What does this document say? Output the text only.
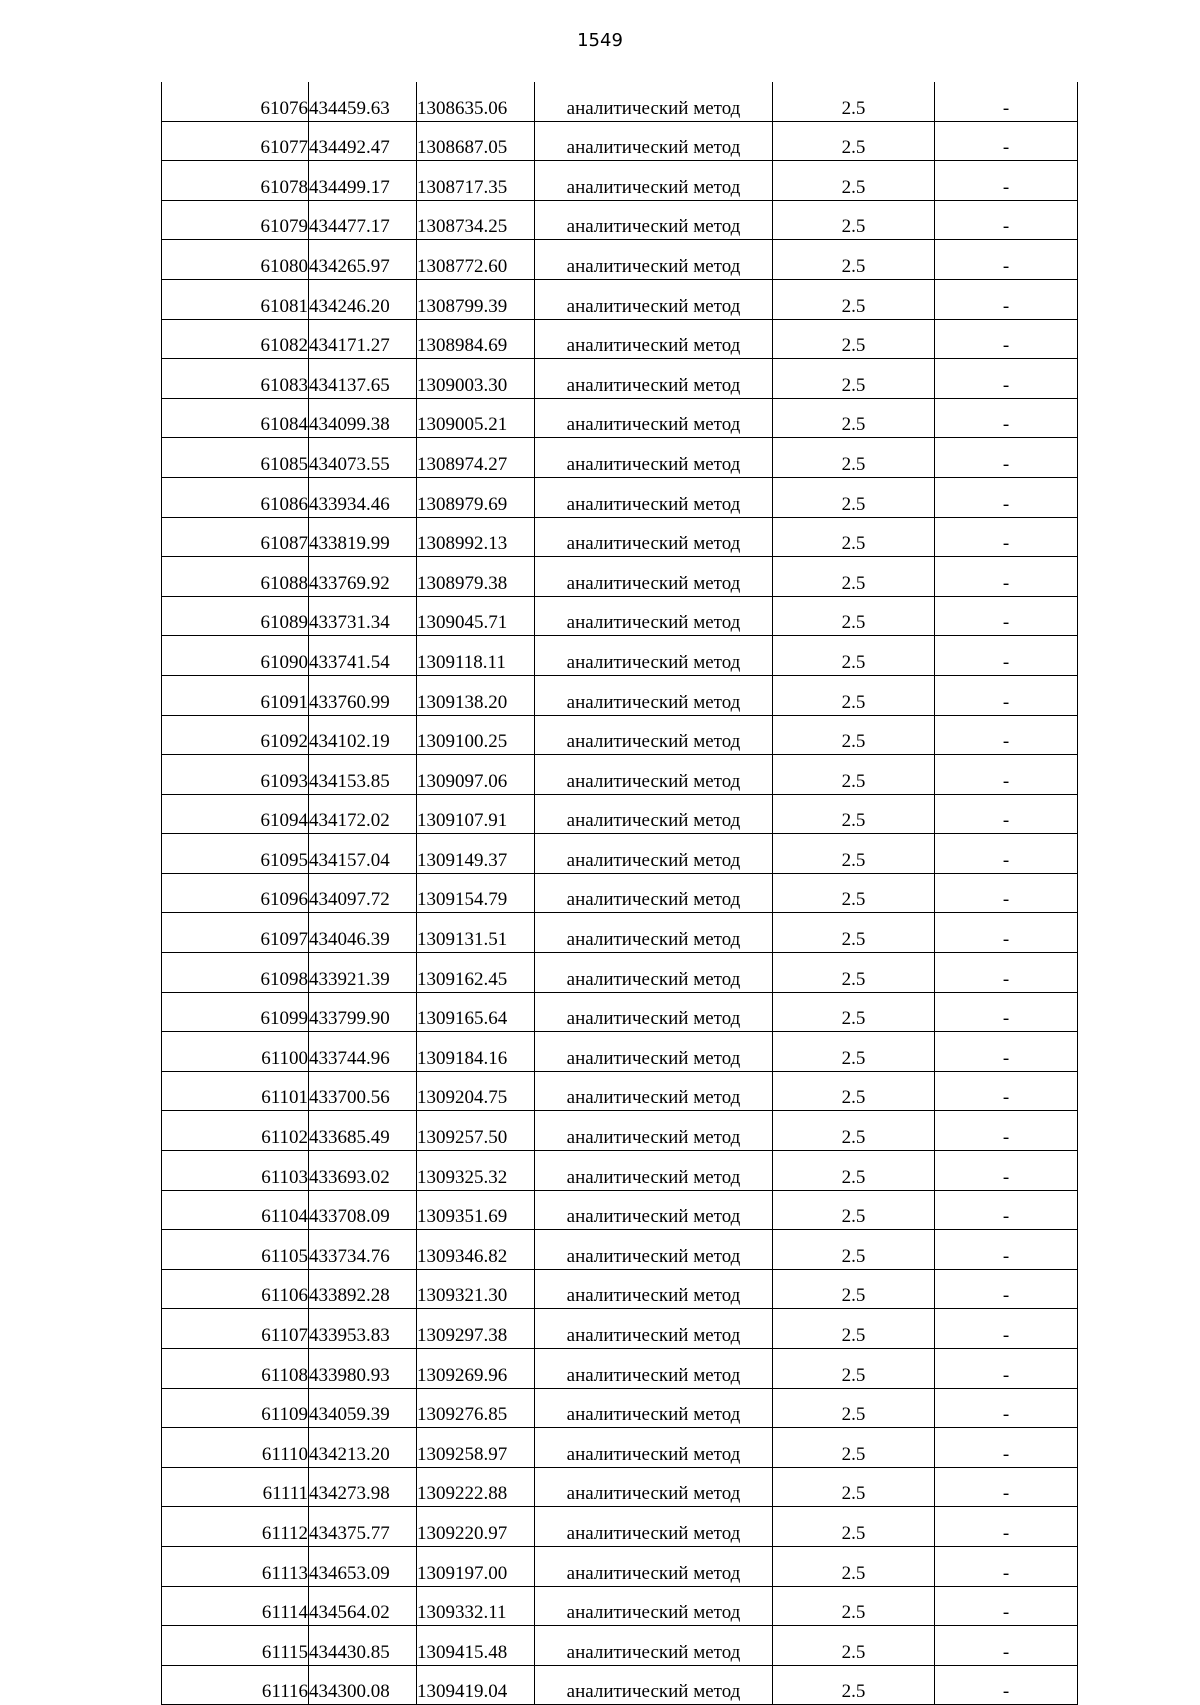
1549
61076	434459.63	1308635.06	аналитический метод	2.5	-
61077	434492.47	1308687.05	аналитический метод	2.5	-
61078	434499.17	1308717.35	аналитический метод	2.5	-
61079	434477.17	1308734.25	аналитический метод	2.5	-
61080	434265.97	1308772.60	аналитический метод	2.5	-
61081	434246.20	1308799.39	аналитический метод	2.5	-
61082	434171.27	1308984.69	аналитический метод	2.5	-
61083	434137.65	1309003.30	аналитический метод	2.5	-
61084	434099.38	1309005.21	аналитический метод	2.5	-
61085	434073.55	1308974.27	аналитический метод	2.5	-
61086	433934.46	1308979.69	аналитический метод	2.5	-
61087	433819.99	1308992.13	аналитический метод	2.5	-
61088	433769.92	1308979.38	аналитический метод	2.5	-
61089	433731.34	1309045.71	аналитический метод	2.5	-
61090	433741.54	1309118.11	аналитический метод	2.5	-
61091	433760.99	1309138.20	аналитический метод	2.5	-
61092	434102.19	1309100.25	аналитический метод	2.5	-
61093	434153.85	1309097.06	аналитический метод	2.5	-
61094	434172.02	1309107.91	аналитический метод	2.5	-
61095	434157.04	1309149.37	аналитический метод	2.5	-
61096	434097.72	1309154.79	аналитический метод	2.5	-
61097	434046.39	1309131.51	аналитический метод	2.5	-
61098	433921.39	1309162.45	аналитический метод	2.5	-
61099	433799.90	1309165.64	аналитический метод	2.5	-
61100	433744.96	1309184.16	аналитический метод	2.5	-
61101	433700.56	1309204.75	аналитический метод	2.5	-
61102	433685.49	1309257.50	аналитический метод	2.5	-
61103	433693.02	1309325.32	аналитический метод	2.5	-
61104	433708.09	1309351.69	аналитический метод	2.5	-
61105	433734.76	1309346.82	аналитический метод	2.5	-
61106	433892.28	1309321.30	аналитический метод	2.5	-
61107	433953.83	1309297.38	аналитический метод	2.5	-
61108	433980.93	1309269.96	аналитический метод	2.5	-
61109	434059.39	1309276.85	аналитический метод	2.5	-
61110	434213.20	1309258.97	аналитический метод	2.5	-
61111	434273.98	1309222.88	аналитический метод	2.5	-
61112	434375.77	1309220.97	аналитический метод	2.5	-
61113	434653.09	1309197.00	аналитический метод	2.5	-
61114	434564.02	1309332.11	аналитический метод	2.5	-
61115	434430.85	1309415.48	аналитический метод	2.5	-
61116	434300.08	1309419.04	аналитический метод	2.5	-
